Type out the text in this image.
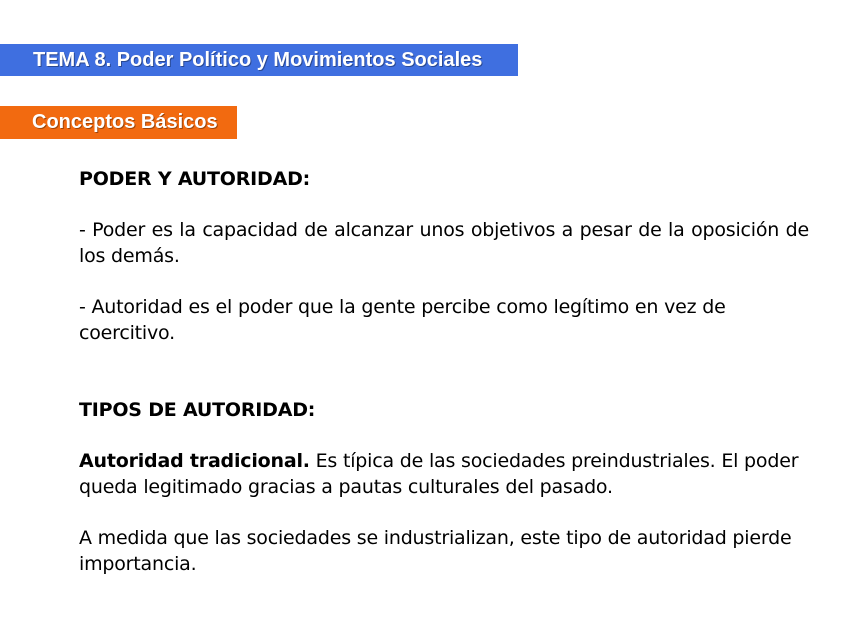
TEMA 8. Poder Político y Movimientos Sociales
Conceptos Básicos

PODER Y AUTORIDAD:

- Poder es la capacidad de alcanzar unos objetivos a pesar de la oposición de los demás.

- Autoridad es el poder que la gente percibe como legítimo en vez de coercitivo.

TIPOS DE AUTORIDAD:

Autoridad tradicional. Es típica de las sociedades preindustriales. El poder queda legitimado gracias a pautas culturales del pasado.

A medida que las sociedades se industrializan, este tipo de autoridad pierde importancia.
